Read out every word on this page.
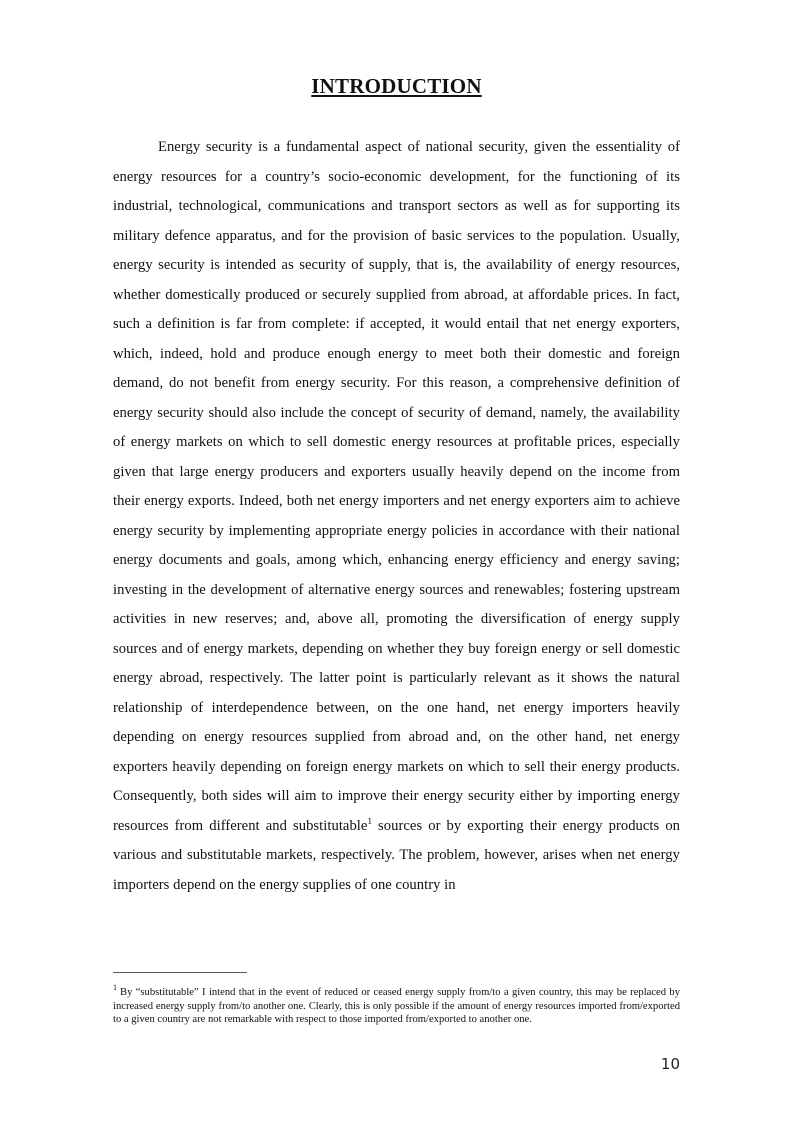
INTRODUCTION

Energy security is a fundamental aspect of national security, given the essentiality of energy resources for a country’s socio-economic development, for the functioning of its industrial, technological, communications and transport sectors as well as for supporting its military defence apparatus, and for the provision of basic services to the population. Usually, energy security is intended as security of supply, that is, the availability of energy resources, whether domestically produced or securely supplied from abroad, at affordable prices. In fact, such a definition is far from complete: if accepted, it would entail that net energy exporters, which, indeed, hold and produce enough energy to meet both their domestic and foreign demand, do not benefit from energy security. For this reason, a comprehensive definition of energy security should also include the concept of security of demand, namely, the availability of energy markets on which to sell domestic energy resources at profitable prices, especially given that large energy producers and exporters usually heavily depend on the income from their energy exports. Indeed, both net energy importers and net energy exporters aim to achieve energy security by implementing appropriate energy policies in accordance with their national energy documents and goals, among which, enhancing energy efficiency and energy saving; investing in the development of alternative energy sources and renewables; fostering upstream activities in new reserves; and, above all, promoting the diversification of energy supply sources and of energy markets, depending on whether they buy foreign energy or sell domestic energy abroad, respectively. The latter point is particularly relevant as it shows the natural relationship of interdependence between, on the one hand, net energy importers heavily depending on energy resources supplied from abroad and, on the other hand, net energy exporters heavily depending on foreign energy markets on which to sell their energy products. Consequently, both sides will aim to improve their energy security either by importing energy resources from different and substitutable$^1$ sources or by exporting their energy products on various and substitutable markets, respectively. The problem, however, arises when net energy importers depend on the energy supplies of one country in

$^1$ By “substitutable” I intend that in the event of reduced or ceased energy supply from/to a given country, this may be replaced by increased energy supply from/to another one. Clearly, this is only possible if the amount of energy resources imported from/exported to a given country are not remarkable with respect to those imported from/exported to another one.

10
